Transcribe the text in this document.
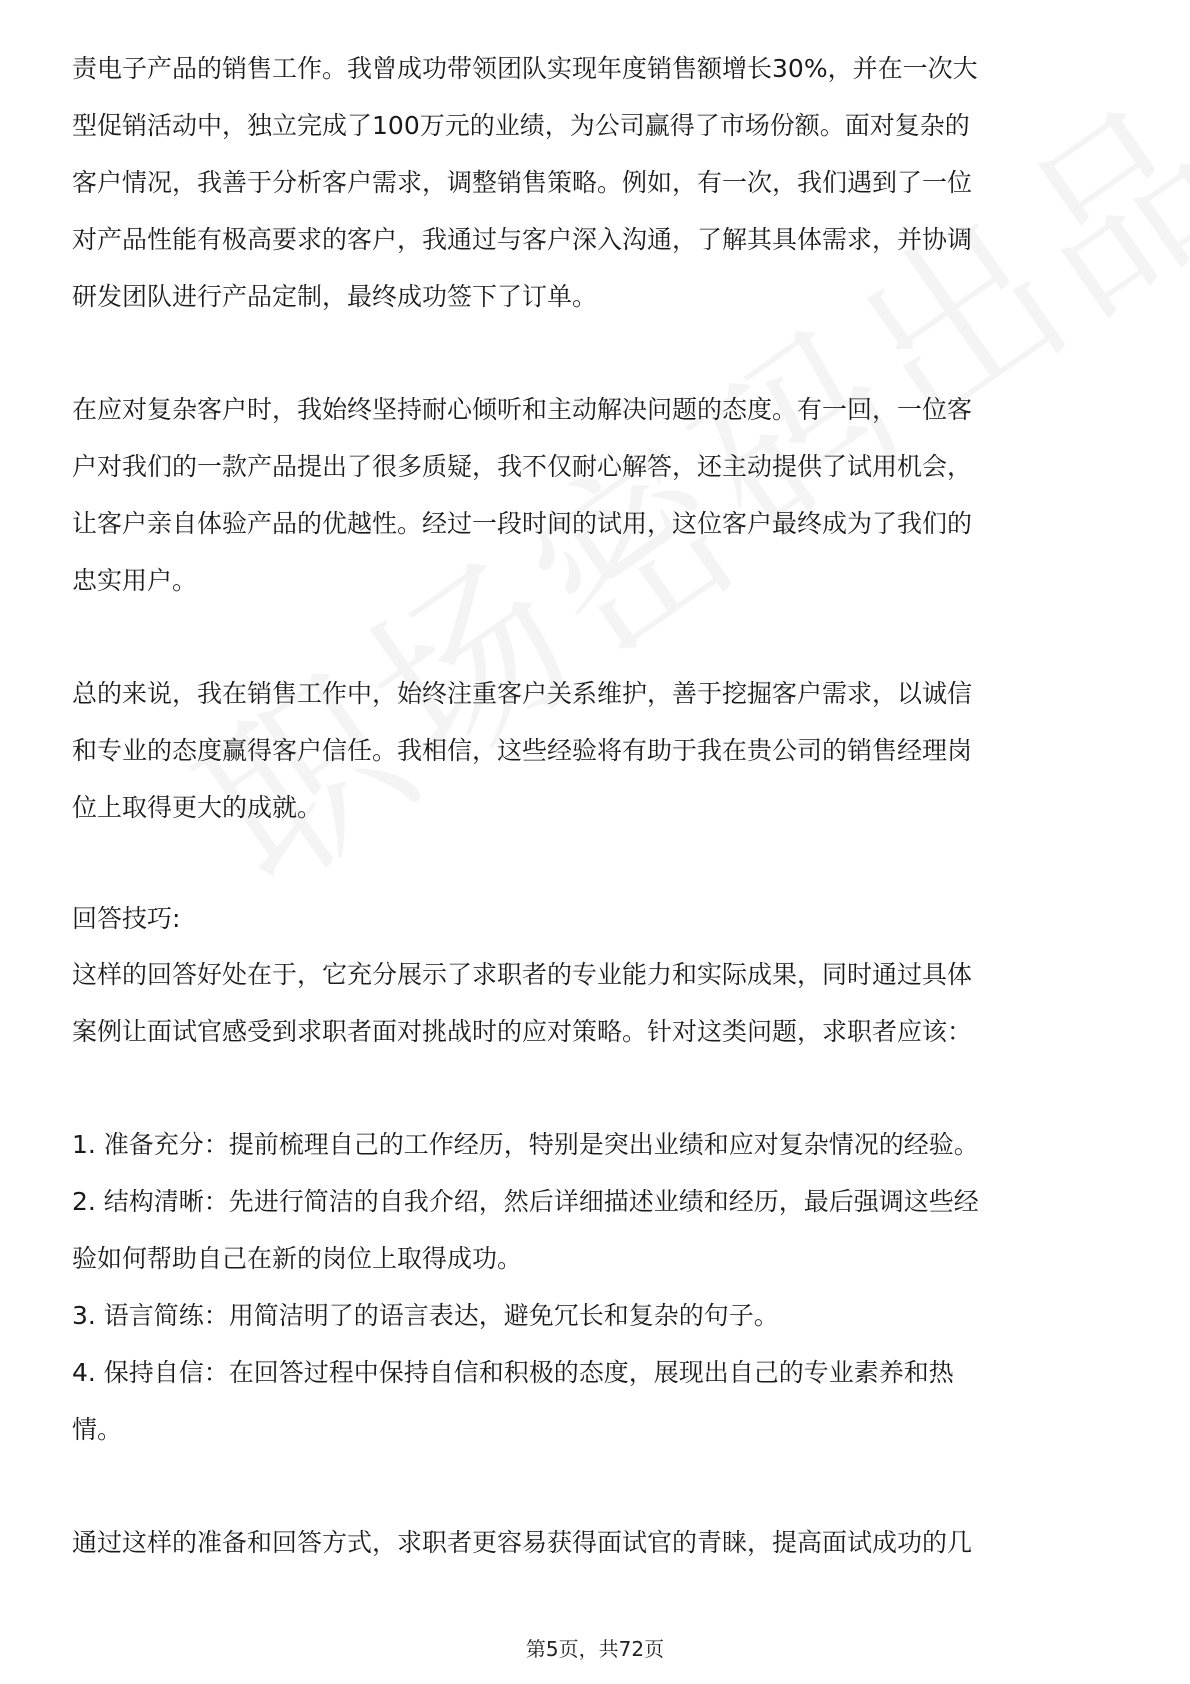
责电子产品的销售工作。我曾成功带领团队实现年度销售额增长30%，并在一次大
型促销活动中，独立完成了100万元的业绩，为公司赢得了市场份额。面对复杂的
客户情况，我善于分析客户需求，调整销售策略。例如，有一次，我们遇到了一位
对产品性能有极高要求的客户，我通过与客户深入沟通，了解其具体需求，并协调
研发团队进行产品定制，最终成功签下了订单。
在应对复杂客户时，我始终坚持耐心倾听和主动解决问题的态度。有一回，一位客
户对我们的一款产品提出了很多质疑，我不仅耐心解答，还主动提供了试用机会，
让客户亲自体验产品的优越性。经过一段时间的试用，这位客户最终成为了我们的
忠实用户。
总的来说，我在销售工作中，始终注重客户关系维护，善于挖掘客户需求，以诚信
和专业的态度赢得客户信任。我相信，这些经验将有助于我在贵公司的销售经理岗
位上取得更大的成就。
回答技巧:
这样的回答好处在于，它充分展示了求职者的专业能力和实际成果，同时通过具体
案例让面试官感受到求职者面对挑战时的应对策略。针对这类问题，求职者应该：
1. 准备充分：提前梳理自己的工作经历，特别是突出业绩和应对复杂情况的经验。
2. 结构清晰：先进行简洁的自我介绍，然后详细描述业绩和经历，最后强调这些经
验如何帮助自己在新的岗位上取得成功。
3. 语言简练：用简洁明了的语言表达，避免冗长和复杂的句子。
4. 保持自信：在回答过程中保持自信和积极的态度，展现出自己的专业素养和热
情。
通过这样的准备和回答方式，求职者更容易获得面试官的青睐，提高面试成功的几
第5页，共72页
